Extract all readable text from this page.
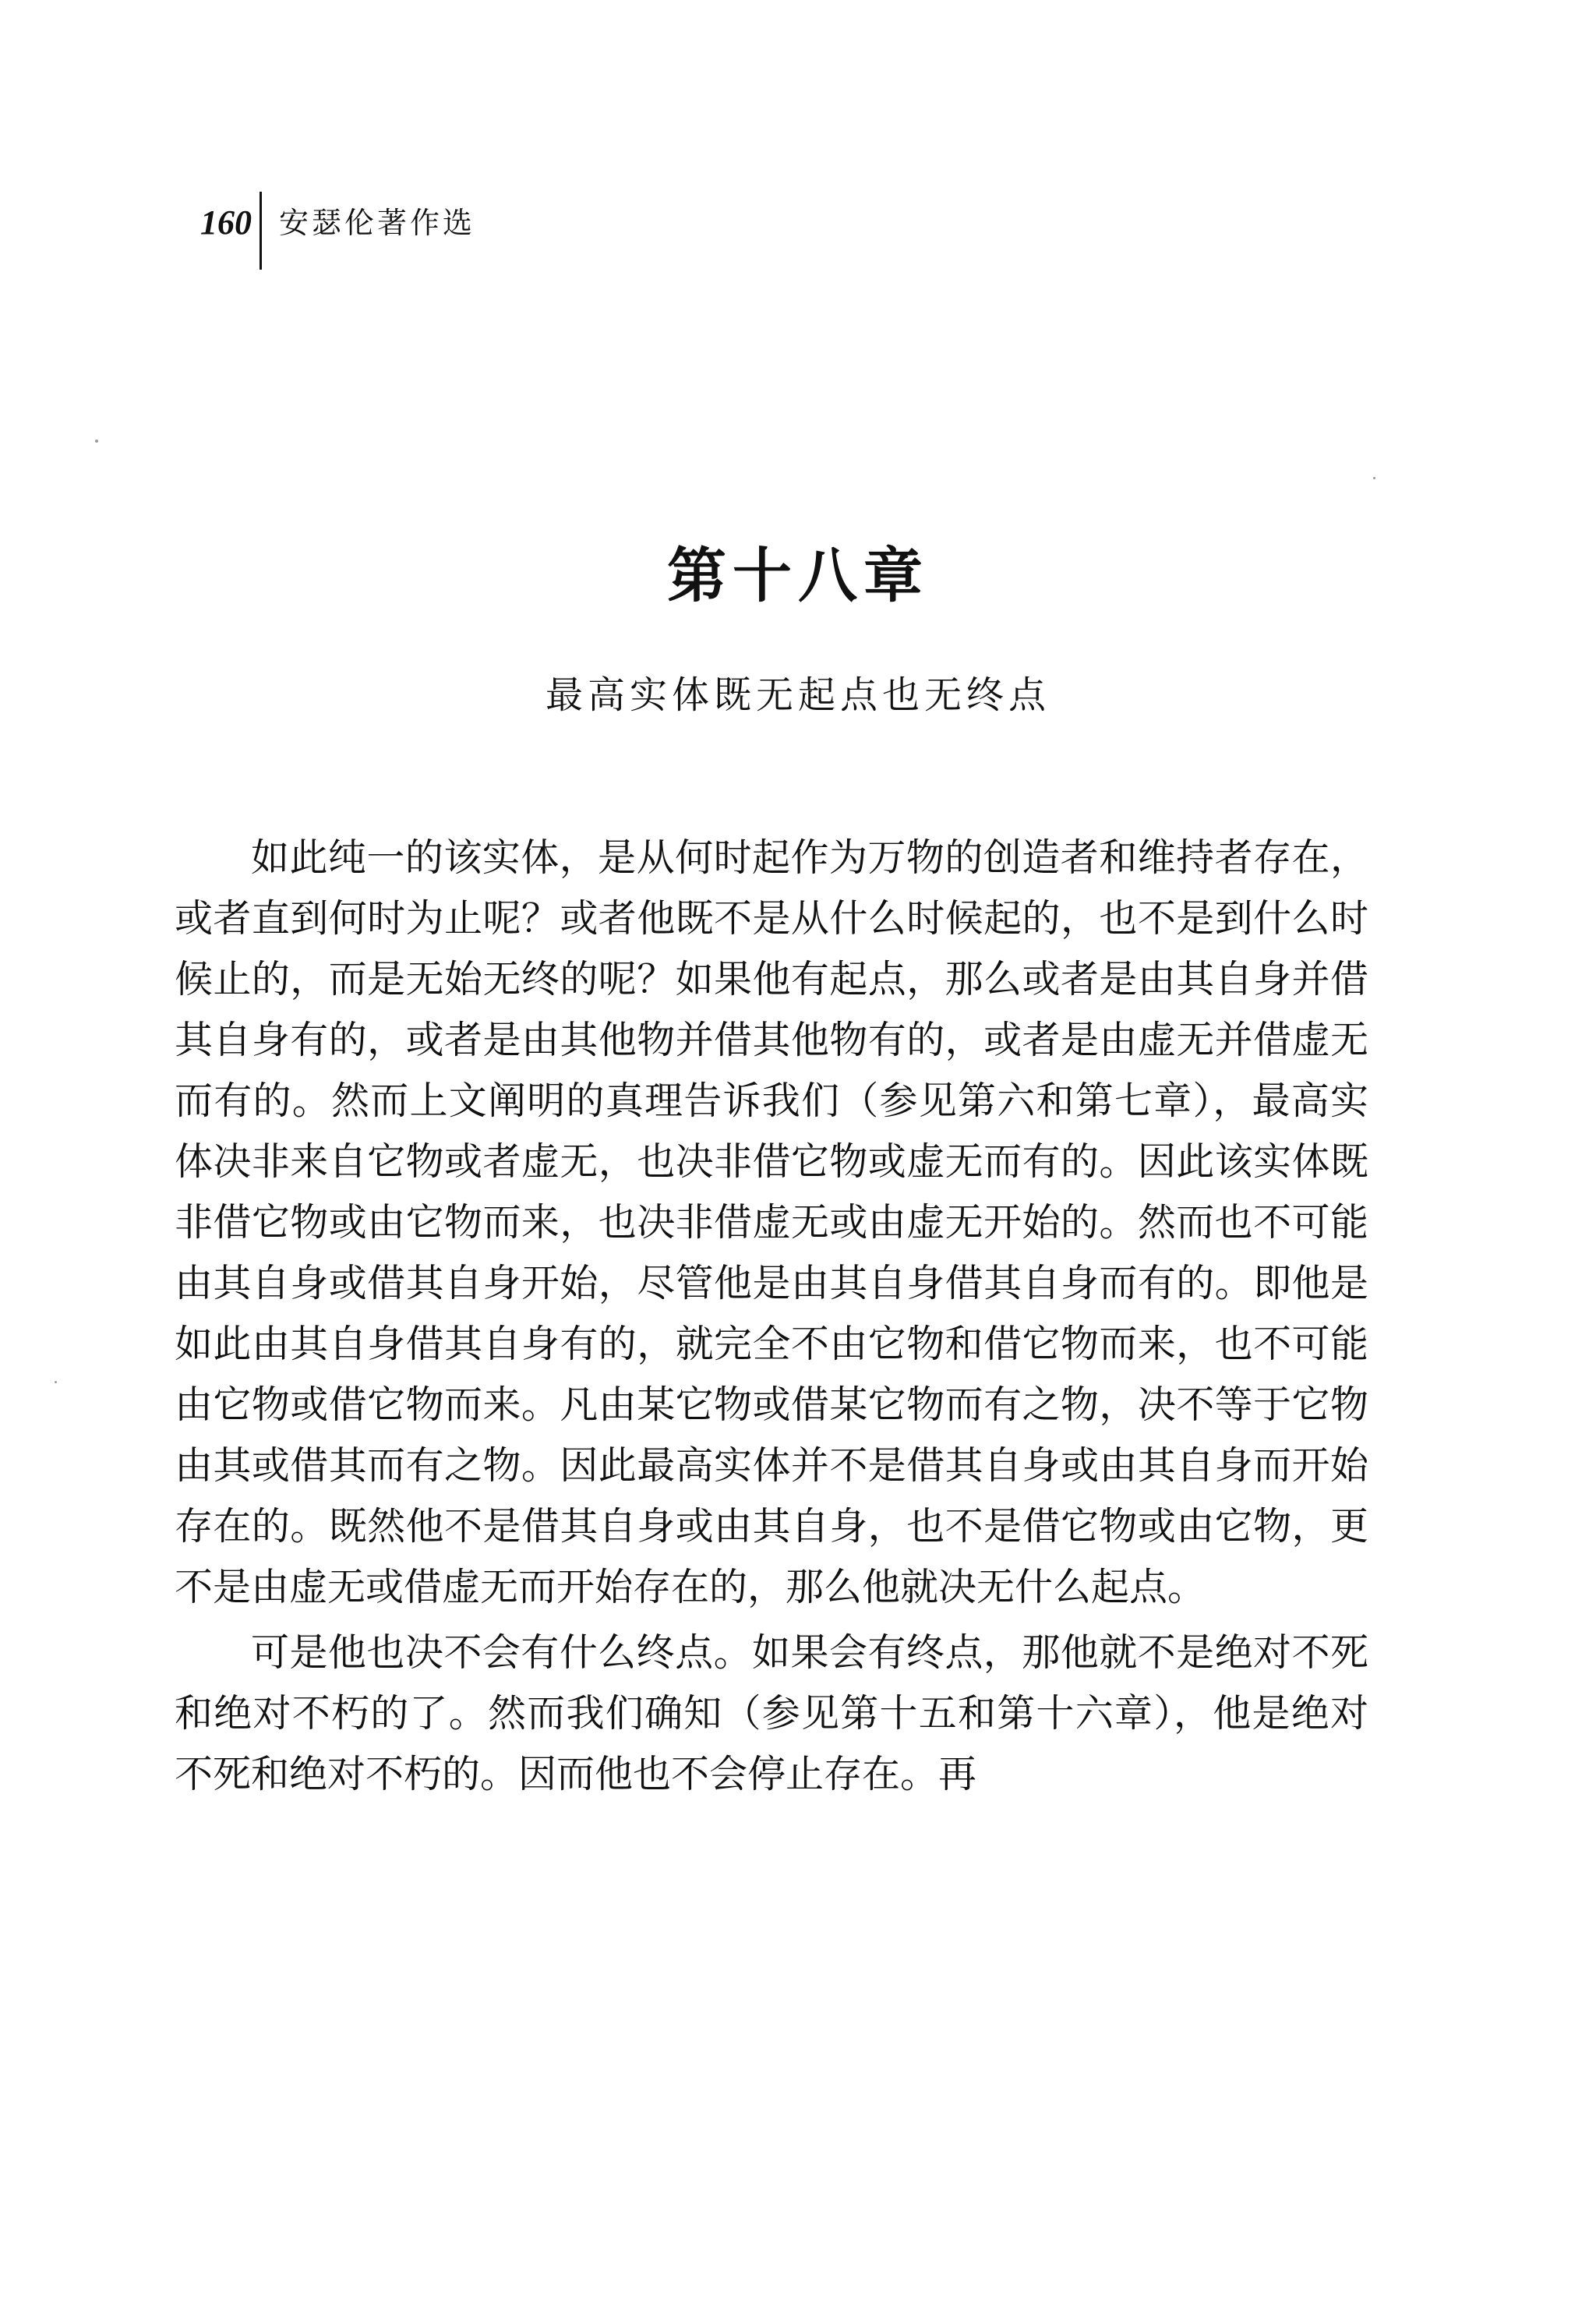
160 安瑟伦著作选
第十八章
最高实体既无起点也无终点

如此纯一的该实体，是从何时起作为万物的创造者和维持者存在，或者直到何时为止呢？或者他既不是从什么时候起的，也不是到什么时候止的，而是无始无终的呢？如果他有起点，那么或者是由其自身并借其自身有的，或者是由其他物并借其他物有的，或者是由虚无并借虚无而有的。然而上文阐明的真理告诉我们（参见第六和第七章），最高实体决非来自它物或者虚无，也决非借它物或虚无而有的。因此该实体既非借它物或由它物而来，也决非借虚无或由虚无开始的。然而也不可能由其自身或借其自身开始，尽管他是由其自身借其自身而有的。即他是如此由其自身借其自身有的，就完全不由它物和借它物而来，也不可能由它物或借它物而来。凡由某它物或借某它物而有之物，决不等于它物由其或借其而有之物。因此最高实体并不是借其自身或由其自身而开始存在的。既然他不是借其自身或由其自身，也不是借它物或由它物，更不是由虚无或借虚无而开始存在的，那么他就决无什么起点。

可是他也决不会有什么终点。如果会有终点，那他就不是绝对不死和绝对不朽的了。然而我们确知（参见第十五和第十六章），他是绝对不死和绝对不朽的。因而他也不会停止存在。再
